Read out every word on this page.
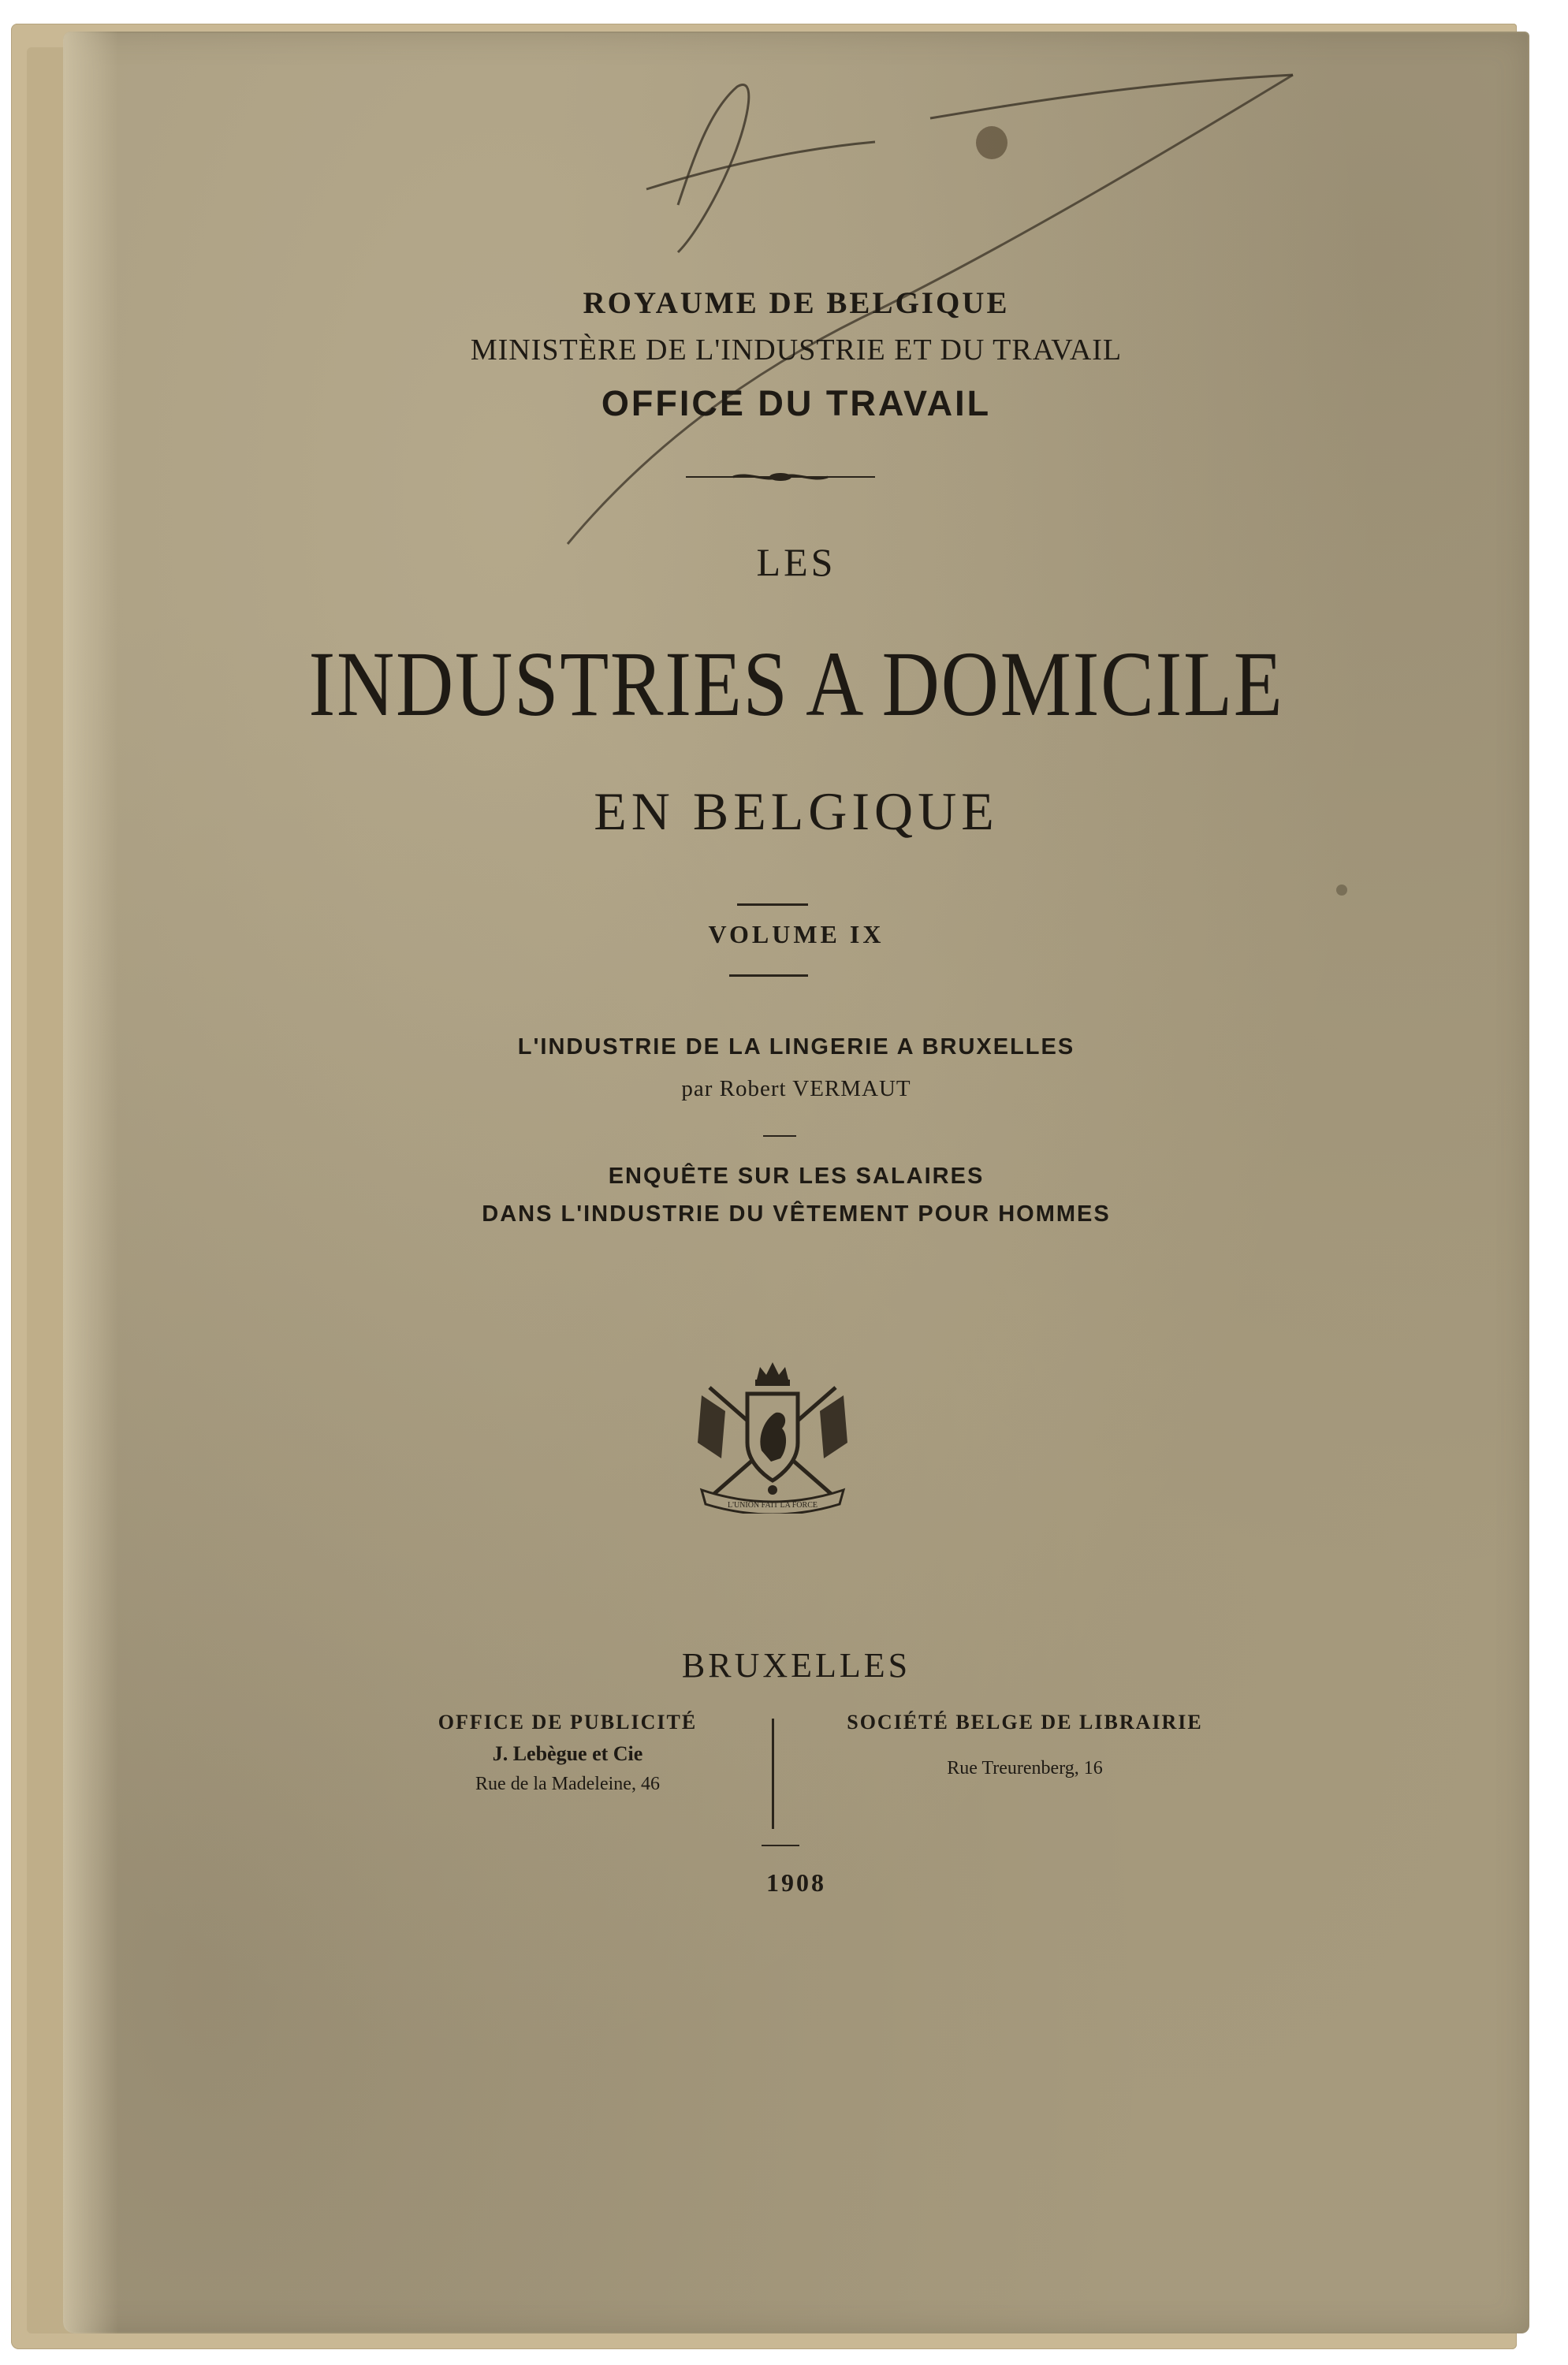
ROYAUME DE BELGIQUE
MINISTÈRE DE L'INDUSTRIE ET DU TRAVAIL
OFFICE DU TRAVAIL
LES
INDUSTRIES A DOMICILE
EN BELGIQUE
VOLUME IX
L'INDUSTRIE DE LA LINGERIE A BRUXELLES
par Robert VERMAUT
ENQUÊTE SUR LES SALAIRES
DANS L'INDUSTRIE DU VÊTEMENT POUR HOMMES
L'UNION FAIT LA FORCE
BRUXELLES
OFFICE DE PUBLICITÉ
J. Lebègue et Cie
Rue de la Madeleine, 46
SOCIÉTÉ BELGE DE LIBRAIRIE
Rue Treurenberg, 16
1908
